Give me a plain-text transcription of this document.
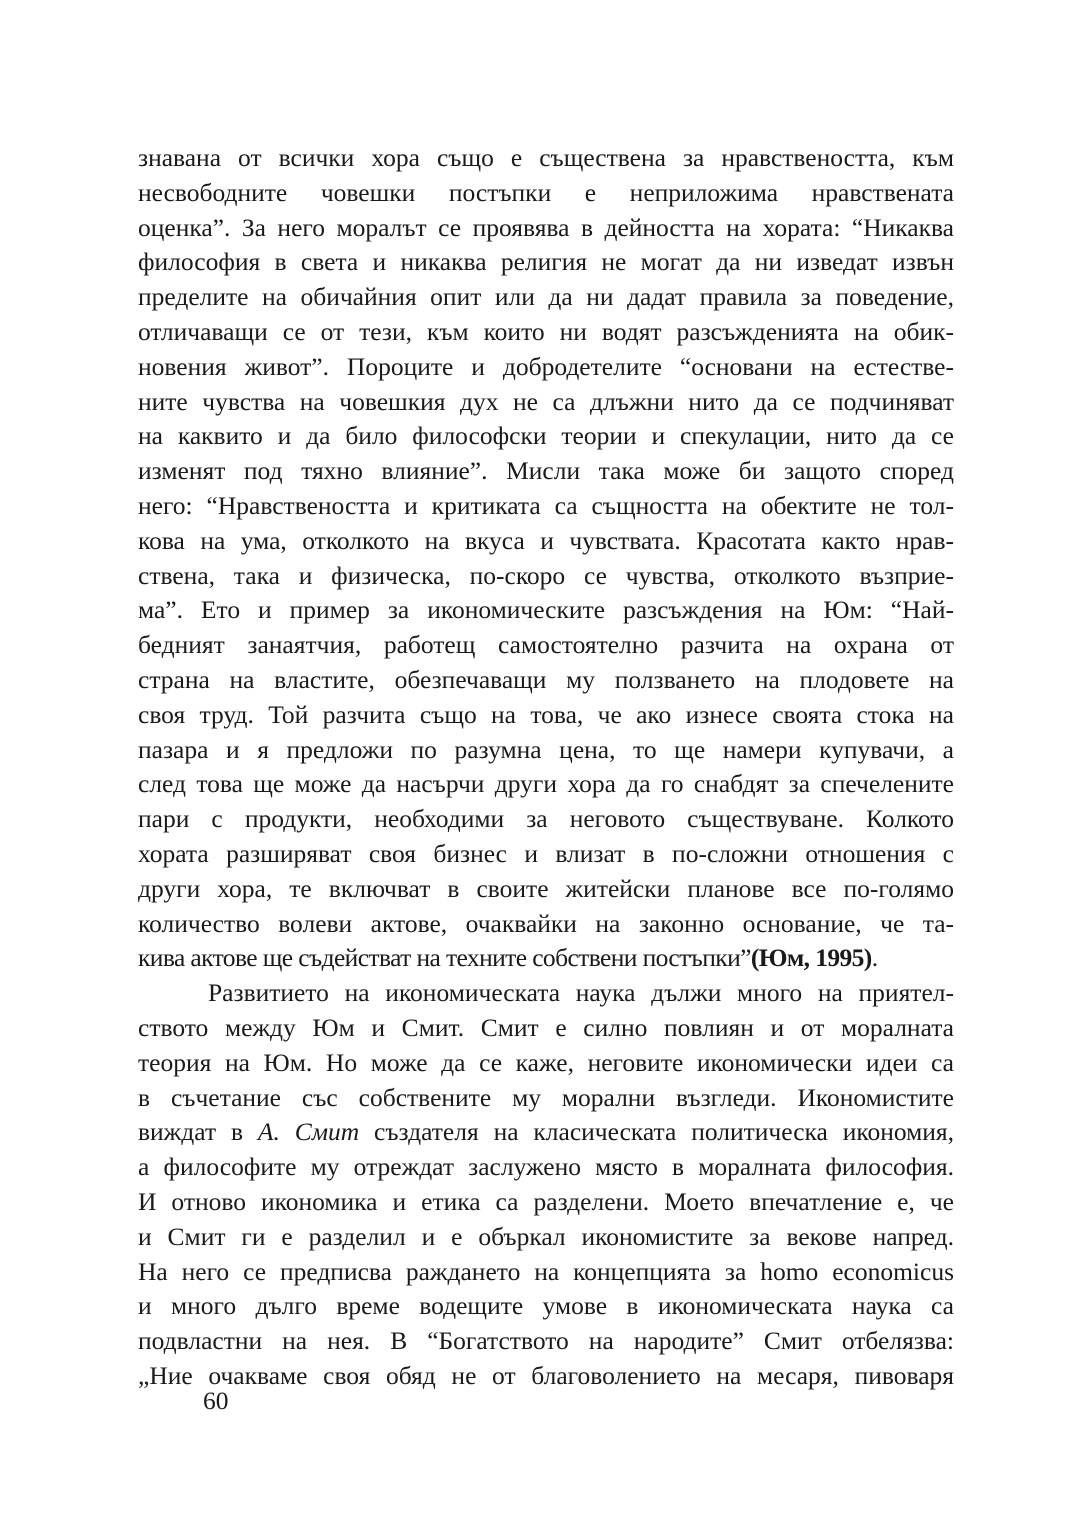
знавана от всички хора също е съществена за нравствеността, към
несвободните човешки постъпки е неприложима нравствената
оценка”. За него моралът се проявява в дейността на хората: “Никаква
философия в света и никаква религия не могат да ни изведат извън
пределите на обичайния опит или да ни дадат правила за поведение,
отличаващи се от тези, към които ни водят разсъжденията на обик-
новения живот”. Пороците и добродетелите “основани на естестве-
ните чувства на човешкия дух не са длъжни нито да се подчиняват
на каквито и да било философски теории и спекулации, нито да се
изменят под тяхно влияние”. Мисли така може би защото според
него: “Нравствеността и критиката са същността на обектите не тол-
кова на ума, отколкото на вкуса и чувствата. Красотата както нрав-
ствена, така и физическа, по-скоро се чувства, отколкото възприе-
ма”. Ето и пример за икономическите разсъждения на Юм: “Най-
бедният занаятчия, работещ самостоятелно разчита на охрана от
страна на властите, обезпечаващи му ползването на плодовете на
своя труд. Той разчита също на това, че ако изнесе своята стока на
пазара и я предложи по разумна цена, то ще намери купувачи, а
след това ще може да насърчи други хора да го снабдят за спечелените
пари с продукти, необходими за неговото съществуване. Колкото
хората разширяват своя бизнес и влизат в по-сложни отношения с
други хора, те включват в своите житейски планове все по-голямо
количество волеви актове, очаквайки на законно основание, че та-
кива актове ще съдействат на техните собствени постъпки”(Юм, 1995).
Развитието на икономическата наука дължи много на приятел-
ството между Юм и Смит. Смит е силно повлиян и от моралната
теория на Юм. Но може да се каже, неговите икономически идеи са
в съчетание със собствените му морални възгледи. Икономистите
виждат в А. Смит създателя на класическата политическа икономия,
а философите му отреждат заслужено място в моралната философия.
И отново икономика и етика са разделени. Моето впечатление е, че
и Смит ги е разделил и е объркал икономистите за векове напред.
На него се предписва раждането на концепцията за homo economicus
и много дълго време водещите умове в икономическата наука са
подвластни на нея. В “Богатството на народите” Смит отбелязва:
„Ние очакваме своя обяд не от благоволението на месаря, пивоваря
60
